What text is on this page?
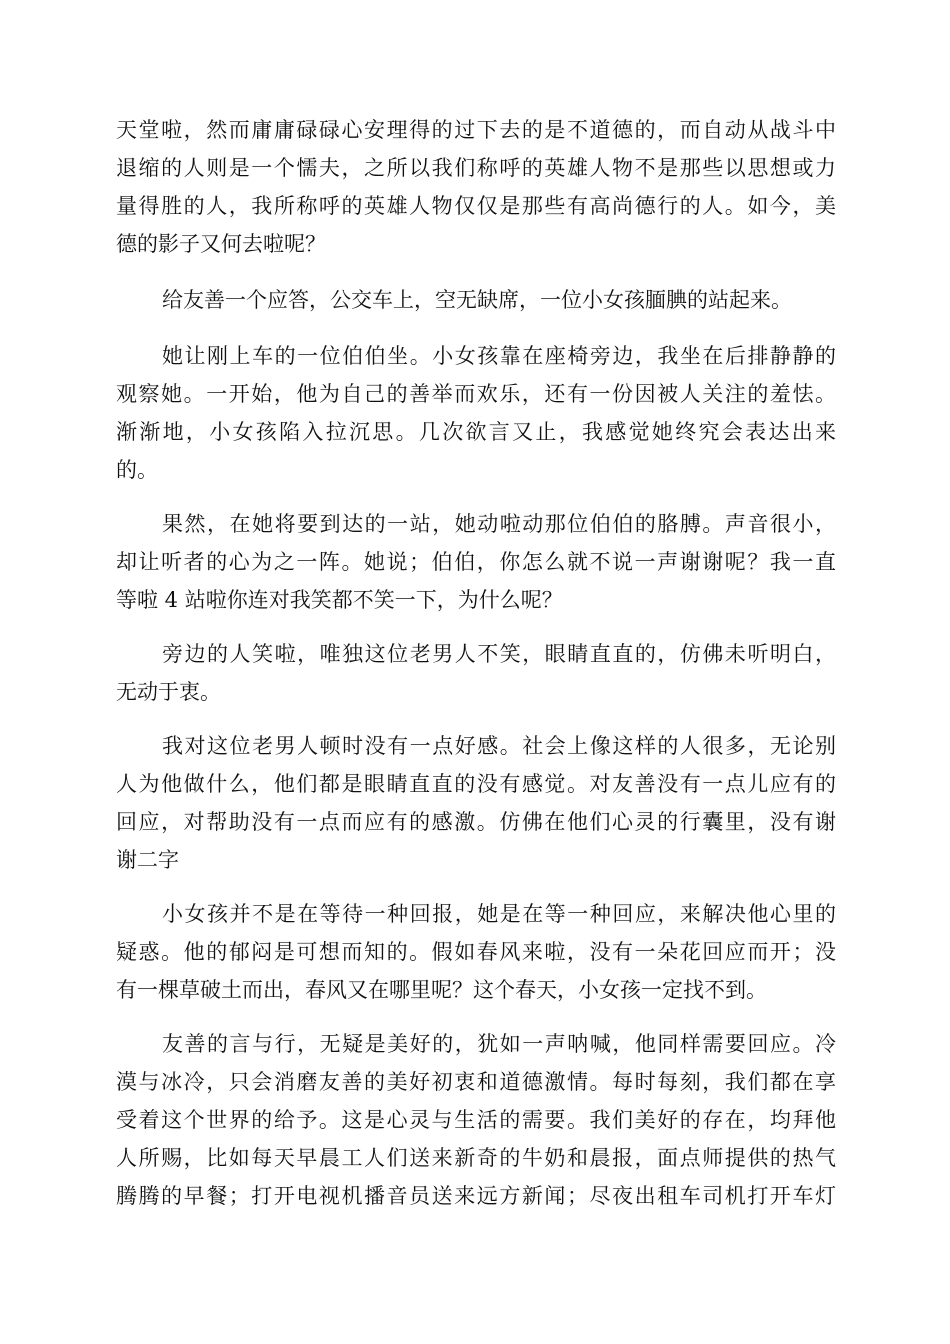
天堂啦，然而庸庸碌碌心安理得的过下去的是不道德的，而自动从战斗中
退缩的人则是一个懦夫，之所以我们称呼的英雄人物不是那些以思想或力
量得胜的人，我所称呼的英雄人物仅仅是那些有高尚德行的人。如今，美
德的影子又何去啦呢？
给友善一个应答，公交车上，空无缺席，一位小女孩腼腆的站起来。
她让刚上车的一位伯伯坐。小女孩靠在座椅旁边，我坐在后排静静的
观察她。一开始，他为自己的善举而欢乐，还有一份因被人关注的羞怯。
渐渐地，小女孩陷入拉沉思。几次欲言又止，我感觉她终究会表达出来
的。
果然，在她将要到达的一站，她动啦动那位伯伯的胳膊。声音很小，
却让听者的心为之一阵。她说；伯伯，你怎么就不说一声谢谢呢？我一直
等啦 4 站啦你连对我笑都不笑一下，为什么呢？
旁边的人笑啦，唯独这位老男人不笑，眼睛直直的，仿佛未听明白，
无动于衷。
我对这位老男人顿时没有一点好感。社会上像这样的人很多，无论别
人为他做什么，他们都是眼睛直直的没有感觉。对友善没有一点儿应有的
回应，对帮助没有一点而应有的感激。仿佛在他们心灵的行囊里，没有谢
谢二字
小女孩并不是在等待一种回报，她是在等一种回应，来解决他心里的
疑惑。他的郁闷是可想而知的。假如春风来啦，没有一朵花回应而开；没
有一棵草破土而出，春风又在哪里呢？这个春天，小女孩一定找不到。
友善的言与行，无疑是美好的，犹如一声呐喊，他同样需要回应。冷
漠与冰冷，只会消磨友善的美好初衷和道德激情。每时每刻，我们都在享
受着这个世界的给予。这是心灵与生活的需要。我们美好的存在，均拜他
人所赐，比如每天早晨工人们送来新奇的牛奶和晨报，面点师提供的热气
腾腾的早餐；打开电视机播音员送来远方新闻；尽夜出租车司机打开车灯
